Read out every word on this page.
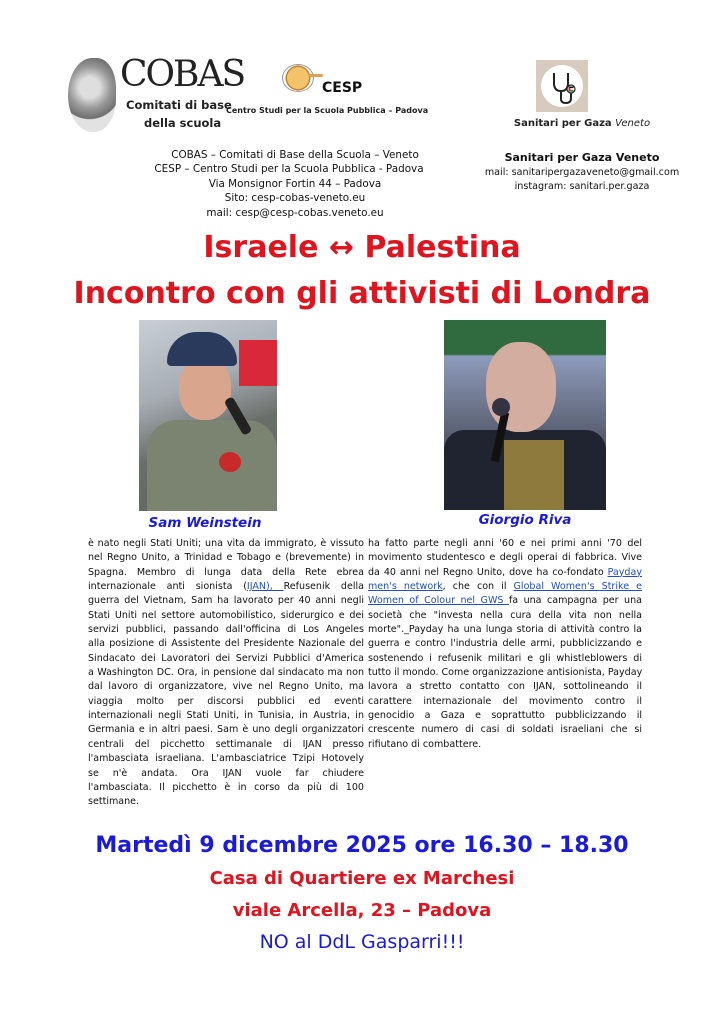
COBAS
Comitati di base
della scuola
CESP
Centro Studi per la Scuola Pubblica – Padova
Sanitari per Gaza Veneto
COBAS – Comitati di Base della Scuola – Veneto
CESP – Centro Studi per la Scuola Pubblica - Padova
Via Monsignor Fortin 44 – Padova
Sito: cesp-cobas-veneto.eu
mail: cesp@cesp-cobas.veneto.eu
Sanitari per Gaza Veneto
mail: sanitaripergazaveneto@gmail.com
instagram: sanitari.per.gaza
Israele ↔ Palestina
Incontro con gli attivisti di Londra
Sam Weinstein	Giorgio Riva
è nato negli Stati Uniti; una vita da immigrato, è vissuto
nel Regno Unito, a Trinidad e Tobago e (brevemente) in
Spagna. Membro di lunga data della Rete ebrea
internazionale anti sionista (IJAN), Refusenik della
guerra del Vietnam, Sam ha lavorato per 40 anni negli
Stati Uniti nel settore automobilistico, siderurgico e dei
servizi pubblici, passando dall'officina di Los Angeles
alla posizione di Assistente del Presidente Nazionale del
Sindacato dei Lavoratori dei Servizi Pubblici d'America
a Washington DC. Ora, in pensione dal sindacato ma non
dal lavoro di organizzatore, vive nel Regno Unito, ma
viaggia molto per discorsi pubblici ed eventi
internazionali negli Stati Uniti, in Tunisia, in Austria, in
Germania e in altri paesi. Sam è uno degli organizzatori
centrali del picchetto settimanale di IJAN presso
l'ambasciata israeliana. L'ambasciatrice Tzipi Hotovely
se n'è andata. Ora IJAN vuole far chiudere
l'ambasciata. Il picchetto è in corso da più di 100
settimane.
ha fatto parte negli anni '60 e nei primi anni '70 del
movimento studentesco e degli operai di fabbrica. Vive
da 40 anni nel Regno Unito, dove ha co-fondato Payday
men's network, che con il Global Women's Strike e
Women of Colour nel GWS fa una campagna per una
società che "investa nella cura della vita non nella
morte"._Payday ha una lunga storia di attività contro la
guerra e contro l'industria delle armi, pubblicizzando e
sostenendo i refusenik militari e gli whistleblowers di
tutto il mondo. Come organizzazione antisionista, Payday
lavora a stretto contatto con IJAN, sottolineando il
carattere internazionale del movimento contro il
genocidio a Gaza e soprattutto pubblicizzando il
crescente numero di casi di soldati israeliani che si
rifiutano di combattere.
Martedì 9 dicembre 2025 ore 16.30 – 18.30
Casa di Quartiere ex Marchesi
viale Arcella, 23 – Padova
NO al DdL Gasparri!!!
